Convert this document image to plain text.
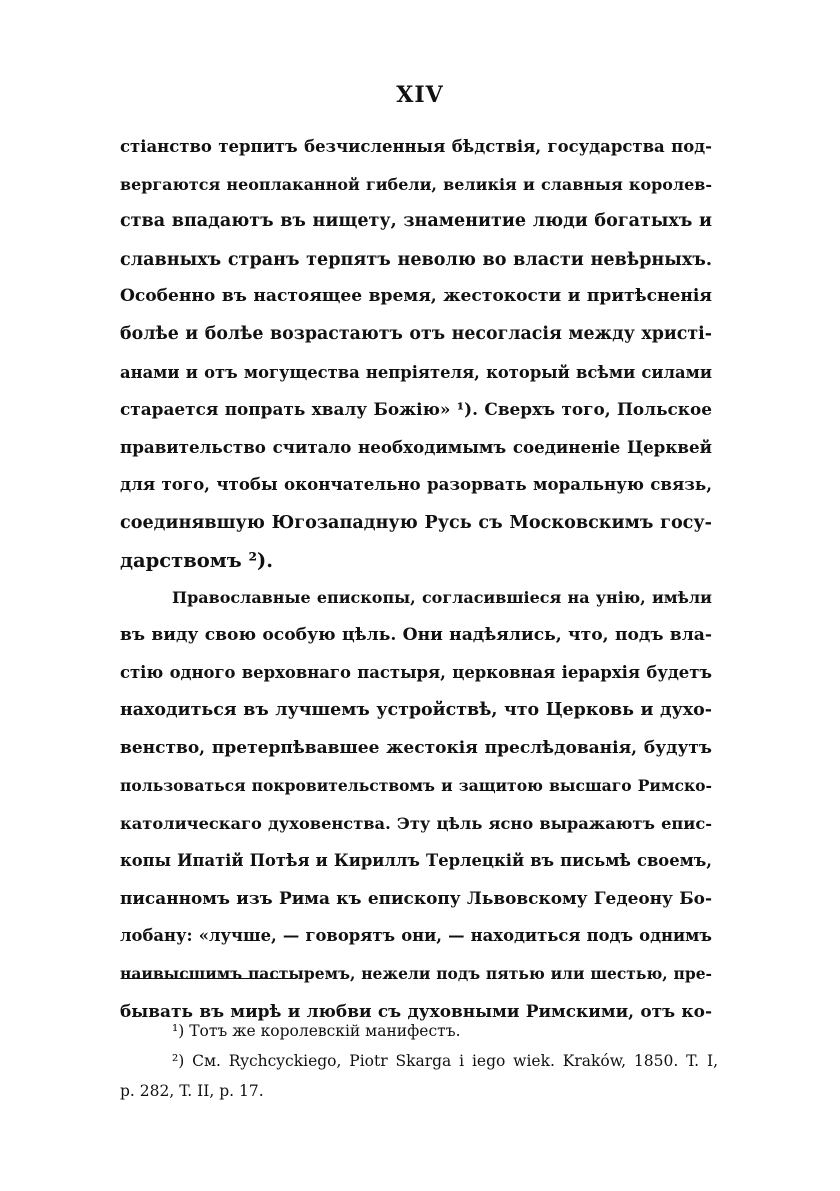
XIV
стіанство терпитъ безчисленныя бѣдствія, государства под-
вергаются неоплаканной гибели, великія и славныя королев-
ства впадаютъ въ нищету, знаменитие люди богатыхъ и
славныхъ странъ терпятъ неволю во власти невѣрныхъ.
Особенно въ настоящее время, жестокости и притѣсненія
болѣе и болѣе возрастаютъ отъ несогласія между христі-
анами и отъ могущества непріятеля, который всѣми силами
старается попрать хвалу Божію» ¹). Сверхъ того, Польское
правительство считало необходимымъ соединеніе Церквей
для того, чтобы окончательно разорвать моральную связь,
соединявшую Югозападную Русь съ Московскимъ госу-
дарствомъ ²).
Православные епископы, согласившіеся на унію, имѣли
въ виду свою особую цѣль. Они надѣялись, что, подъ вла-
стію одного верховнаго пастыря, церковная іерархія будетъ
находиться въ лучшемъ устройствѣ, что Церковь и духо-
венство, претерпѣвавшее жестокія преслѣдованія, будутъ
пользоваться покровительствомъ и защитою высшаго Римско-
католическаго духовенства. Эту цѣль ясно выражаютъ епис-
копы Ипатій Потѣя и Кириллъ Терлецкій въ письмѣ своемъ,
писанномъ изъ Рима къ епископу Львовскому Гедеону Бо-
лобану: «лучше, — говорятъ они, — находиться подъ однимъ
наивысшимъ пастыремъ, нежели подъ пятью или шестью, пре-
бывать въ мирѣ и любви съ духовными Римскими, отъ ко-
¹) Тотъ же королевскій манифестъ.
²) См. Rychcyckiego, Piotr Skarga i iego wiek. Kraków, 1850. T. I,
p. 282, T. II, p. 17.
